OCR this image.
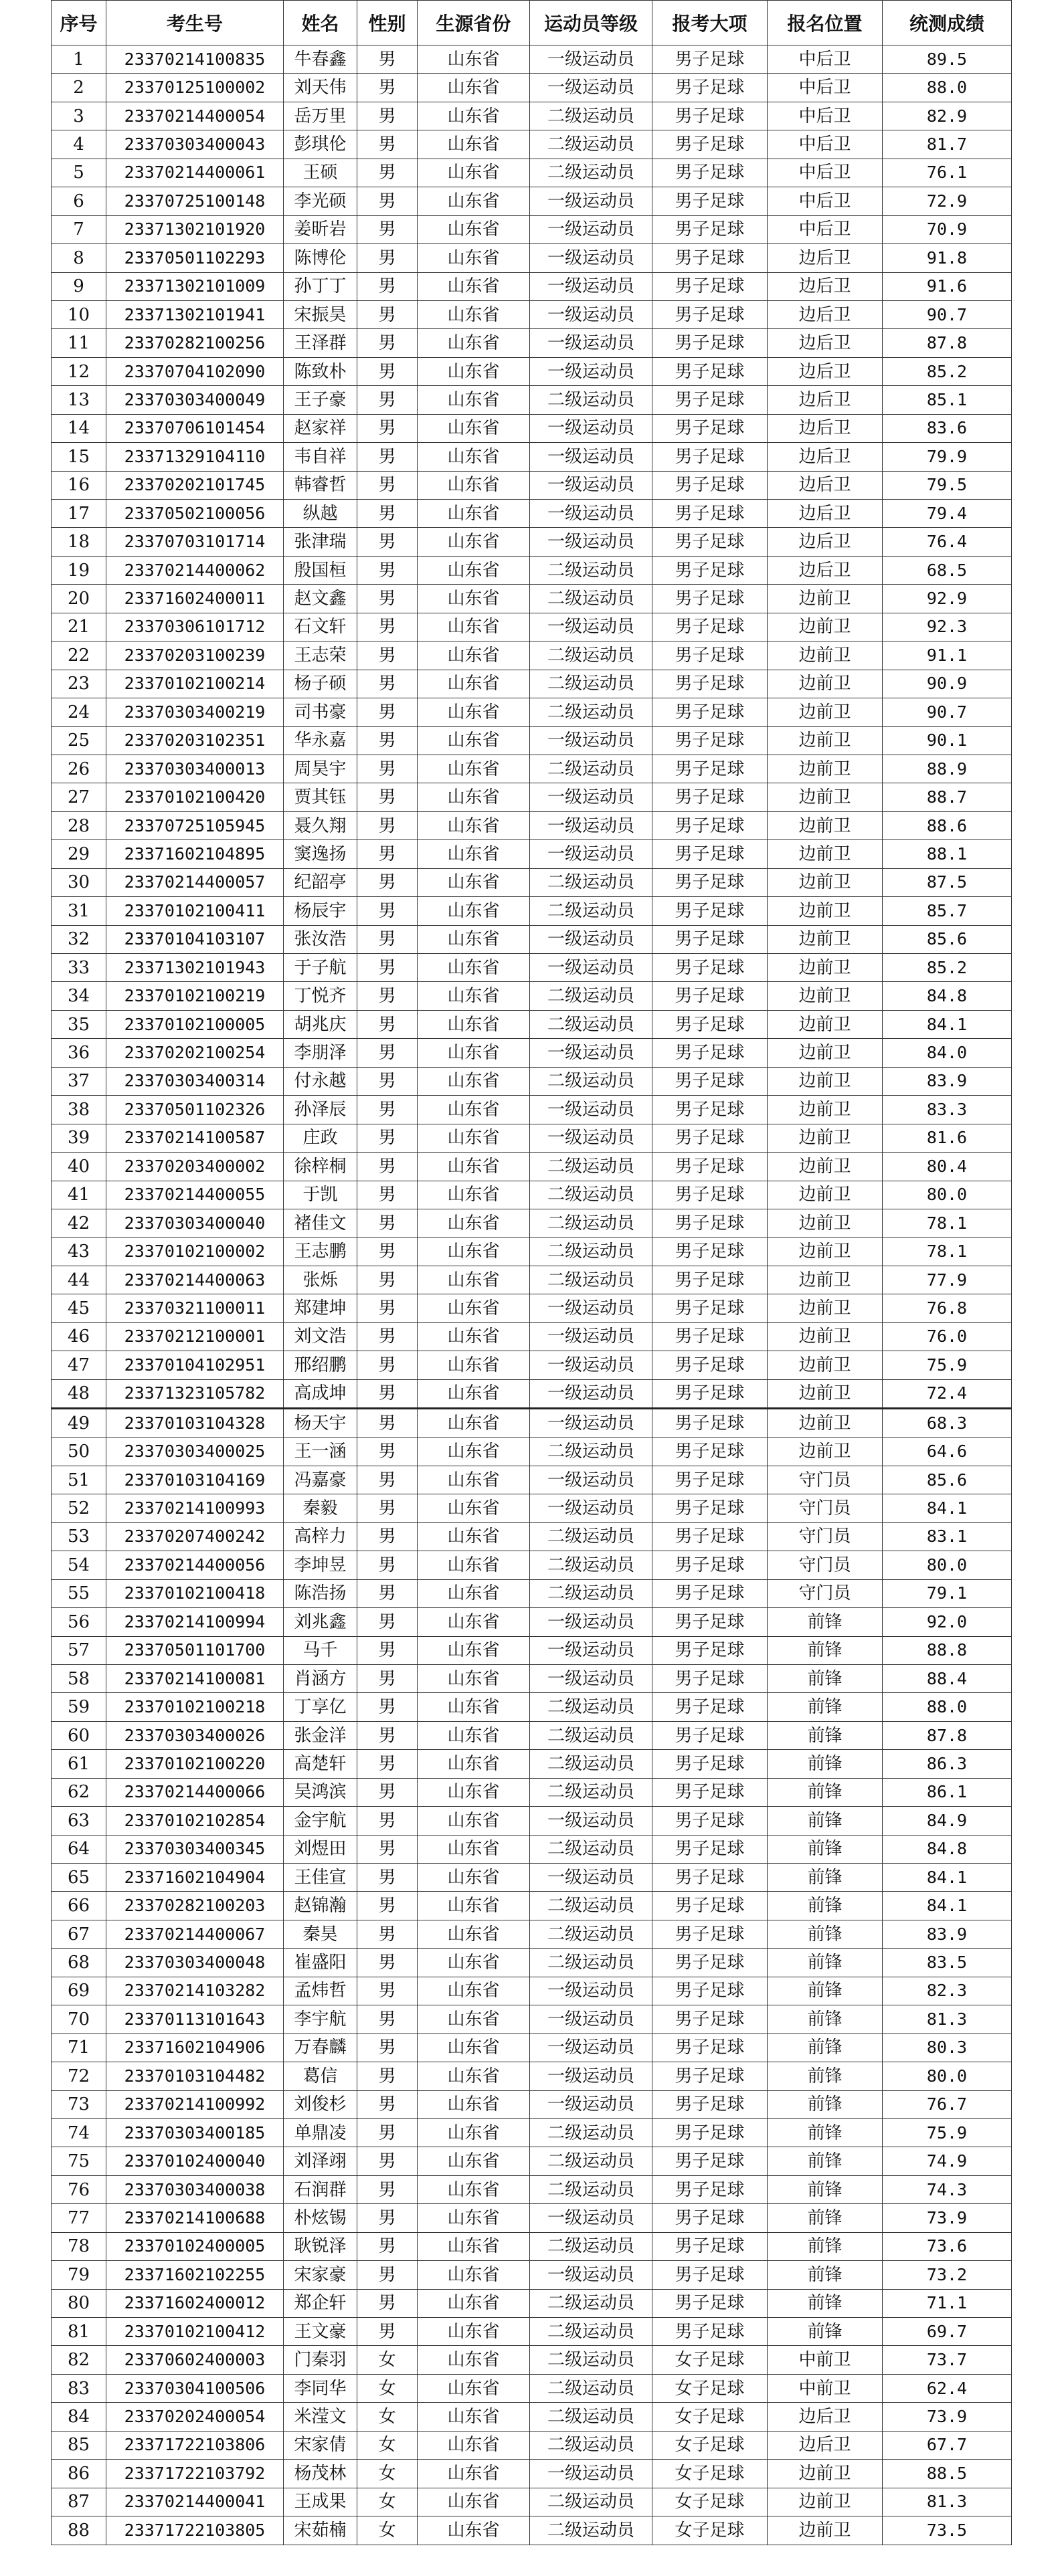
序号	考生号	姓名	性别	生源省份	运动员等级	报考大项	报名位置	统测成绩
1	23370214100835	牛春鑫	男	山东省	一级运动员	男子足球	中后卫	89.5
2	23370125100002	刘天伟	男	山东省	一级运动员	男子足球	中后卫	88.0
3	23370214400054	岳万里	男	山东省	二级运动员	男子足球	中后卫	82.9
4	23370303400043	彭琪伦	男	山东省	二级运动员	男子足球	中后卫	81.7
5	23370214400061	王硕	男	山东省	二级运动员	男子足球	中后卫	76.1
6	23370725100148	李光硕	男	山东省	一级运动员	男子足球	中后卫	72.9
7	23371302101920	姜昕岩	男	山东省	一级运动员	男子足球	中后卫	70.9
8	23370501102293	陈博伦	男	山东省	一级运动员	男子足球	边后卫	91.8
9	23371302101009	孙丁丁	男	山东省	一级运动员	男子足球	边后卫	91.6
10	23371302101941	宋振昊	男	山东省	一级运动员	男子足球	边后卫	90.7
11	23370282100256	王泽群	男	山东省	一级运动员	男子足球	边后卫	87.8
12	23370704102090	陈致朴	男	山东省	一级运动员	男子足球	边后卫	85.2
13	23370303400049	王子豪	男	山东省	二级运动员	男子足球	边后卫	85.1
14	23370706101454	赵家祥	男	山东省	一级运动员	男子足球	边后卫	83.6
15	23371329104110	韦自祥	男	山东省	一级运动员	男子足球	边后卫	79.9
16	23370202101745	韩睿哲	男	山东省	一级运动员	男子足球	边后卫	79.5
17	23370502100056	纵越	男	山东省	一级运动员	男子足球	边后卫	79.4
18	23370703101714	张津瑞	男	山东省	一级运动员	男子足球	边后卫	76.4
19	23370214400062	殷国桓	男	山东省	二级运动员	男子足球	边后卫	68.5
20	23371602400011	赵文鑫	男	山东省	二级运动员	男子足球	边前卫	92.9
21	23370306101712	石文轩	男	山东省	一级运动员	男子足球	边前卫	92.3
22	23370203100239	王志荣	男	山东省	二级运动员	男子足球	边前卫	91.1
23	23370102100214	杨子硕	男	山东省	二级运动员	男子足球	边前卫	90.9
24	23370303400219	司书豪	男	山东省	二级运动员	男子足球	边前卫	90.7
25	23370203102351	华永嘉	男	山东省	一级运动员	男子足球	边前卫	90.1
26	23370303400013	周昊宇	男	山东省	二级运动员	男子足球	边前卫	88.9
27	23370102100420	贾其钰	男	山东省	一级运动员	男子足球	边前卫	88.7
28	23370725105945	聂久翔	男	山东省	一级运动员	男子足球	边前卫	88.6
29	23371602104895	窦逸扬	男	山东省	一级运动员	男子足球	边前卫	88.1
30	23370214400057	纪韶亭	男	山东省	二级运动员	男子足球	边前卫	87.5
31	23370102100411	杨辰宇	男	山东省	二级运动员	男子足球	边前卫	85.7
32	23370104103107	张汝浩	男	山东省	一级运动员	男子足球	边前卫	85.6
33	23371302101943	于子航	男	山东省	一级运动员	男子足球	边前卫	85.2
34	23370102100219	丁悦齐	男	山东省	二级运动员	男子足球	边前卫	84.8
35	23370102100005	胡兆庆	男	山东省	二级运动员	男子足球	边前卫	84.1
36	23370202100254	李朋泽	男	山东省	一级运动员	男子足球	边前卫	84.0
37	23370303400314	付永越	男	山东省	二级运动员	男子足球	边前卫	83.9
38	23370501102326	孙泽辰	男	山东省	一级运动员	男子足球	边前卫	83.3
39	23370214100587	庄政	男	山东省	一级运动员	男子足球	边前卫	81.6
40	23370203400002	徐梓桐	男	山东省	二级运动员	男子足球	边前卫	80.4
41	23370214400055	于凯	男	山东省	二级运动员	男子足球	边前卫	80.0
42	23370303400040	褚佳文	男	山东省	二级运动员	男子足球	边前卫	78.1
43	23370102100002	王志鹏	男	山东省	二级运动员	男子足球	边前卫	78.1
44	23370214400063	张烁	男	山东省	二级运动员	男子足球	边前卫	77.9
45	23370321100011	郑建坤	男	山东省	一级运动员	男子足球	边前卫	76.8
46	23370212100001	刘文浩	男	山东省	一级运动员	男子足球	边前卫	76.0
47	23370104102951	邢绍鹏	男	山东省	一级运动员	男子足球	边前卫	75.9
48	23371323105782	高成坤	男	山东省	一级运动员	男子足球	边前卫	72.4
49	23370103104328	杨天宇	男	山东省	一级运动员	男子足球	边前卫	68.3
50	23370303400025	王一涵	男	山东省	二级运动员	男子足球	边前卫	64.6
51	23370103104169	冯嘉豪	男	山东省	一级运动员	男子足球	守门员	85.6
52	23370214100993	秦毅	男	山东省	一级运动员	男子足球	守门员	84.1
53	23370207400242	高梓力	男	山东省	二级运动员	男子足球	守门员	83.1
54	23370214400056	李坤昱	男	山东省	二级运动员	男子足球	守门员	80.0
55	23370102100418	陈浩扬	男	山东省	二级运动员	男子足球	守门员	79.1
56	23370214100994	刘兆鑫	男	山东省	一级运动员	男子足球	前锋	92.0
57	23370501101700	马千	男	山东省	一级运动员	男子足球	前锋	88.8
58	23370214100081	肖涵方	男	山东省	一级运动员	男子足球	前锋	88.4
59	23370102100218	丁享亿	男	山东省	二级运动员	男子足球	前锋	88.0
60	23370303400026	张金洋	男	山东省	二级运动员	男子足球	前锋	87.8
61	23370102100220	高楚轩	男	山东省	二级运动员	男子足球	前锋	86.3
62	23370214400066	吴鸿滨	男	山东省	二级运动员	男子足球	前锋	86.1
63	23370102102854	金宇航	男	山东省	一级运动员	男子足球	前锋	84.9
64	23370303400345	刘煜田	男	山东省	二级运动员	男子足球	前锋	84.8
65	23371602104904	王佳宣	男	山东省	一级运动员	男子足球	前锋	84.1
66	23370282100203	赵锦瀚	男	山东省	二级运动员	男子足球	前锋	84.1
67	23370214400067	秦昊	男	山东省	二级运动员	男子足球	前锋	83.9
68	23370303400048	崔盛阳	男	山东省	二级运动员	男子足球	前锋	83.5
69	23370214103282	孟炜哲	男	山东省	一级运动员	男子足球	前锋	82.3
70	23370113101643	李宇航	男	山东省	一级运动员	男子足球	前锋	81.3
71	23371602104906	万春麟	男	山东省	一级运动员	男子足球	前锋	80.3
72	23370103104482	葛信	男	山东省	一级运动员	男子足球	前锋	80.0
73	23370214100992	刘俊杉	男	山东省	一级运动员	男子足球	前锋	76.7
74	23370303400185	单鼎凌	男	山东省	二级运动员	男子足球	前锋	75.9
75	23370102400040	刘泽翊	男	山东省	二级运动员	男子足球	前锋	74.9
76	23370303400038	石润群	男	山东省	二级运动员	男子足球	前锋	74.3
77	23370214100688	朴炫锡	男	山东省	一级运动员	男子足球	前锋	73.9
78	23370102400005	耿锐泽	男	山东省	二级运动员	男子足球	前锋	73.6
79	23371602102255	宋家豪	男	山东省	一级运动员	男子足球	前锋	73.2
80	23371602400012	郑企轩	男	山东省	二级运动员	男子足球	前锋	71.1
81	23370102100412	王文豪	男	山东省	二级运动员	男子足球	前锋	69.7
82	23370602400003	门秦羽	女	山东省	二级运动员	女子足球	中前卫	73.7
83	23370304100506	李同华	女	山东省	二级运动员	女子足球	中前卫	62.4
84	23370202400054	米滢文	女	山东省	二级运动员	女子足球	边后卫	73.9
85	23371722103806	宋家倩	女	山东省	二级运动员	女子足球	边后卫	67.7
86	23371722103792	杨茂林	女	山东省	一级运动员	女子足球	边前卫	88.5
87	23370214400041	王成果	女	山东省	二级运动员	女子足球	边前卫	81.3
88	23371722103805	宋茹楠	女	山东省	二级运动员	女子足球	边前卫	73.5
